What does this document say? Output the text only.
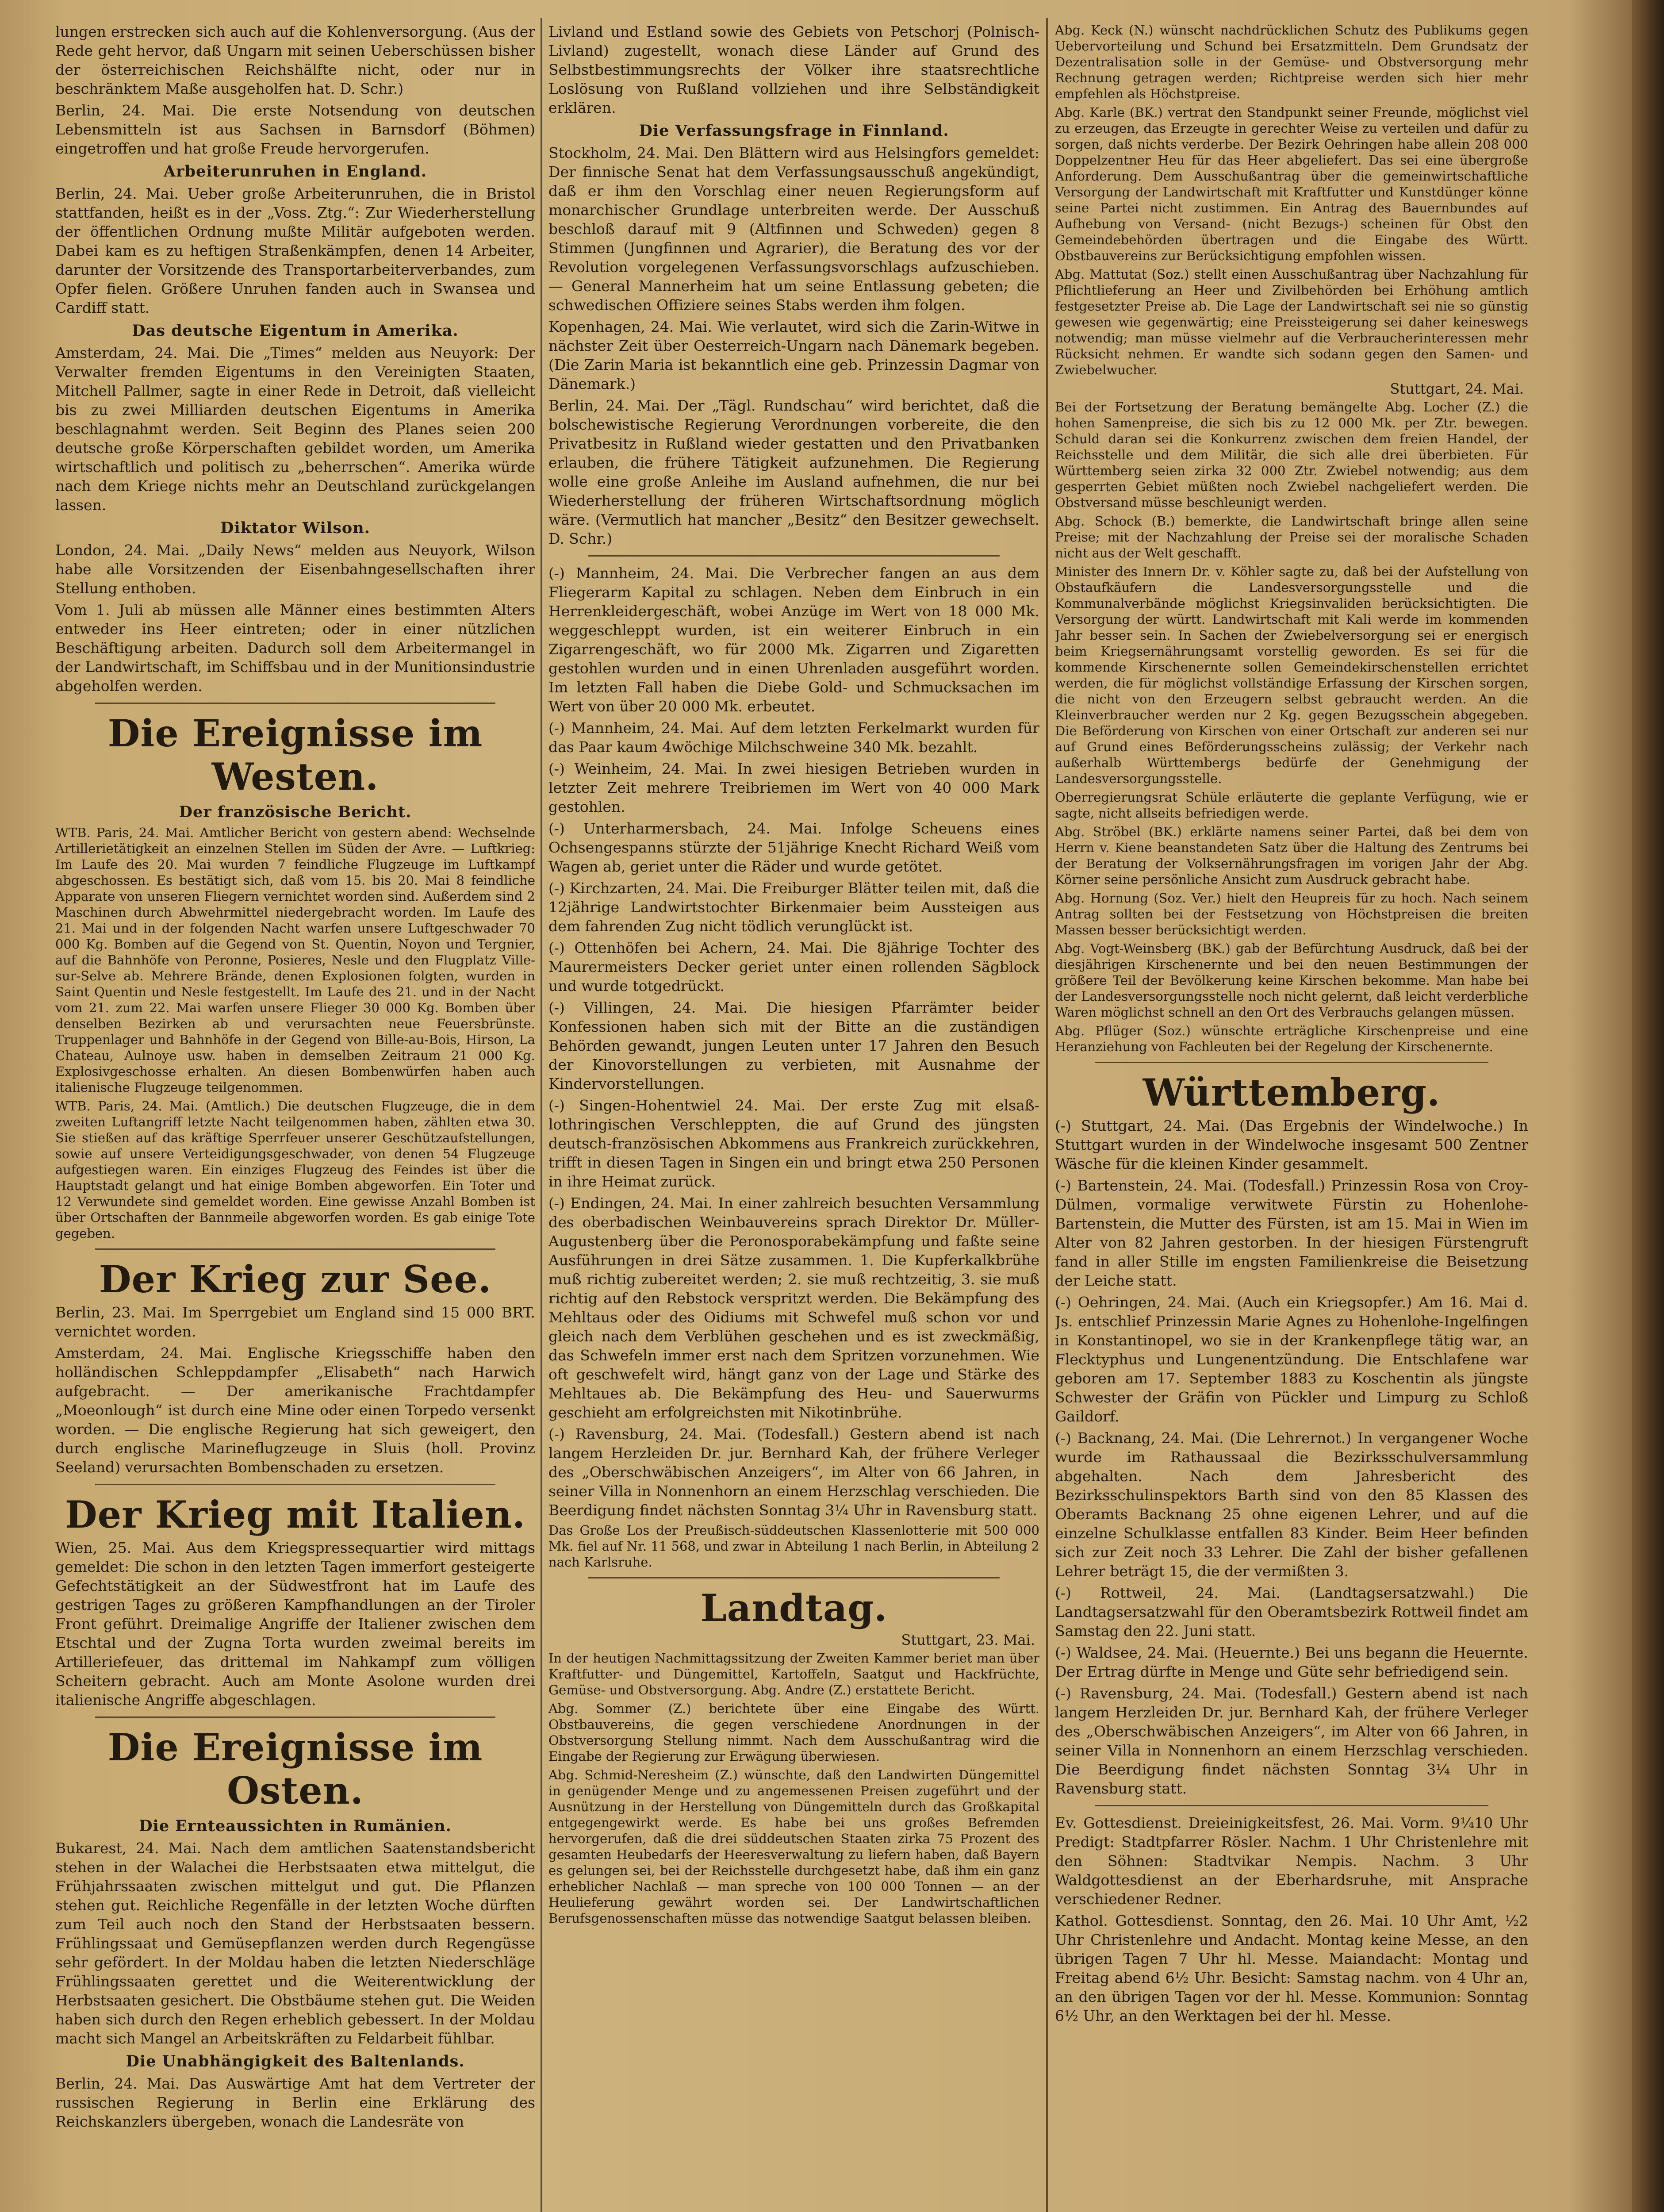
lungen erstrecken sich auch auf die Kohlenversorgung. (Aus der Rede geht hervor, daß Ungarn mit seinen Ueberschüssen bisher der österreichischen Reichshälfte nicht, oder nur in beschränktem Maße ausgeholfen hat. D. Schr.)

Berlin, 24. Mai. Die erste Notsendung von deutschen Lebensmitteln ist aus Sachsen in Barnsdorf (Böhmen) eingetroffen und hat große Freude hervorgerufen.

Arbeiterunruhen in England.

Berlin, 24. Mai. Ueber große Arbeiterunruhen, die in Bristol stattfanden, heißt es in der „Voss. Ztg.“: Zur Wiederherstellung der öffentlichen Ordnung mußte Militär aufgeboten werden. Dabei kam es zu heftigen Straßenkämpfen, denen 14 Arbeiter, darunter der Vorsitzende des Transportarbeiterverbandes, zum Opfer fielen. Größere Unruhen fanden auch in Swansea und Cardiff statt.

Das deutsche Eigentum in Amerika.

Amsterdam, 24. Mai. Die „Times“ melden aus Neuyork: Der Verwalter fremden Eigentums in den Vereinigten Staaten, Mitchell Pallmer, sagte in einer Rede in Detroit, daß vielleicht bis zu zwei Milliarden deutschen Eigentums in Amerika beschlagnahmt werden. Seit Beginn des Planes seien 200 deutsche große Körperschaften gebildet worden, um Amerika wirtschaftlich und politisch zu „beherrschen“. Amerika würde nach dem Kriege nichts mehr an Deutschland zurückgelangen lassen.

Diktator Wilson.

London, 24. Mai. „Daily News“ melden aus Neuyork, Wilson habe alle Vorsitzenden der Eisenbahngesellschaften ihrer Stellung enthoben.

Vom 1. Juli ab müssen alle Männer eines bestimmten Alters entweder ins Heer eintreten; oder in einer nützlichen Beschäftigung arbeiten. Dadurch soll dem Arbeitermangel in der Landwirtschaft, im Schiffsbau und in der Munitionsindustrie abgeholfen werden.

Die Ereignisse im Westen.
Der französische Bericht.

WTB. Paris, 24. Mai. Amtlicher Bericht von gestern abend: Wechselnde Artillerietätigkeit an einzelnen Stellen im Süden der Avre. — Luftkrieg: Im Laufe des 20. Mai wurden 7 feindliche Flugzeuge im Luftkampf abgeschossen. Es bestätigt sich, daß vom 15. bis 20. Mai 8 feindliche Apparate von unseren Fliegern vernichtet worden sind. Außerdem sind 2 Maschinen durch Abwehrmittel niedergebracht worden. Im Laufe des 21. Mai und in der folgenden Nacht warfen unsere Luftgeschwader 70 000 Kg. Bomben auf die Gegend von St. Quentin, Noyon und Tergnier, auf die Bahnhöfe von Peronne, Posieres, Nesle und den Flugplatz Ville-sur-Selve ab. Mehrere Brände, denen Explosionen folgten, wurden in Saint Quentin und Nesle festgestellt. Im Laufe des 21. und in der Nacht vom 21. zum 22. Mai warfen unsere Flieger 30 000 Kg. Bomben über denselben Bezirken ab und verursachten neue Feuersbrünste. Truppenlager und Bahnhöfe in der Gegend von Bille-au-Bois, Hirson, La Chateau, Aulnoye usw. haben in demselben Zeitraum 21 000 Kg. Explosivgeschosse erhalten. An diesen Bombenwürfen haben auch italienische Flugzeuge teilgenommen.

WTB. Paris, 24. Mai. (Amtlich.) Die deutschen Flugzeuge, die in dem zweiten Luftangriff letzte Nacht teilgenommen haben, zählten etwa 30. Sie stießen auf das kräftige Sperrfeuer unserer Geschützaufstellungen, sowie auf unsere Verteidigungsgeschwader, von denen 54 Flugzeuge aufgestiegen waren. Ein einziges Flugzeug des Feindes ist über die Hauptstadt gelangt und hat einige Bomben abgeworfen. Ein Toter und 12 Verwundete sind gemeldet worden. Eine gewisse Anzahl Bomben ist über Ortschaften der Bannmeile abgeworfen worden. Es gab einige Tote gegeben.

Der Krieg zur See.

Berlin, 23. Mai. Im Sperrgebiet um England sind 15 000 BRT. vernichtet worden.

Amsterdam, 24. Mai. Englische Kriegsschiffe haben den holländischen Schleppdampfer „Elisabeth“ nach Harwich aufgebracht. — Der amerikanische Frachtdampfer „Moeonlough“ ist durch eine Mine oder einen Torpedo versenkt worden. — Die englische Regierung hat sich geweigert, den durch englische Marineflugzeuge in Sluis (holl. Provinz Seeland) verursachten Bombenschaden zu ersetzen.

Der Krieg mit Italien.

Wien, 25. Mai. Aus dem Kriegspressequartier wird mittags gemeldet: Die schon in den letzten Tagen immerfort gesteigerte Gefechtstätigkeit an der Südwestfront hat im Laufe des gestrigen Tages zu größeren Kampfhandlungen an der Tiroler Front geführt. Dreimalige Angriffe der Italiener zwischen dem Etschtal und der Zugna Torta wurden zweimal bereits im Artilleriefeuer, das drittemal im Nahkampf zum völligen Scheitern gebracht. Auch am Monte Asolone wurden drei italienische Angriffe abgeschlagen.

Die Ereignisse im Osten.
Die Ernteaussichten in Rumänien.

Bukarest, 24. Mai. Nach dem amtlichen Saatenstandsbericht stehen in der Walachei die Herbstsaaten etwa mittelgut, die Frühjahrssaaten zwischen mittelgut und gut. Die Pflanzen stehen gut. Reichliche Regenfälle in der letzten Woche dürften zum Teil auch noch den Stand der Herbstsaaten bessern. Frühlingssaat und Gemüsepflanzen werden durch Regengüsse sehr gefördert. In der Moldau haben die letzten Niederschläge Frühlingssaaten gerettet und die Weiterentwicklung der Herbstsaaten gesichert. Die Obstbäume stehen gut. Die Weiden haben sich durch den Regen erheblich gebessert. In der Moldau macht sich Mangel an Arbeitskräften zu Feldarbeit fühlbar.

Die Unabhängigkeit des Baltenlands.

Berlin, 24. Mai. Das Auswärtige Amt hat dem Vertreter der russischen Regierung in Berlin eine Erklärung des Reichskanzlers übergeben, wonach die Landesräte von

Livland und Estland sowie des Gebiets von Petschorj (Polnisch-Livland) zugestellt, wonach diese Länder auf Grund des Selbstbestimmungsrechts der Völker ihre staatsrechtliche Loslösung von Rußland vollziehen und ihre Selbständigkeit erklären.

Die Verfassungsfrage in Finnland.

Stockholm, 24. Mai. Den Blättern wird aus Helsingfors gemeldet: Der finnische Senat hat dem Verfassungsausschuß angekündigt, daß er ihm den Vorschlag einer neuen Regierungsform auf monarchischer Grundlage unterbreiten werde. Der Ausschuß beschloß darauf mit 9 (Altfinnen und Schweden) gegen 8 Stimmen (Jungfinnen und Agrarier), die Beratung des vor der Revolution vorgelegenen Verfassungsvorschlags aufzuschieben. — General Mannerheim hat um seine Entlassung gebeten; die schwedischen Offiziere seines Stabs werden ihm folgen.

Kopenhagen, 24. Mai. Wie verlautet, wird sich die Zarin-Witwe in nächster Zeit über Oesterreich-Ungarn nach Dänemark begeben. (Die Zarin Maria ist bekanntlich eine geb. Prinzessin Dagmar von Dänemark.)

Berlin, 24. Mai. Der „Tägl. Rundschau“ wird berichtet, daß die bolschewistische Regierung Verordnungen vorbereite, die den Privatbesitz in Rußland wieder gestatten und den Privatbanken erlauben, die frühere Tätigkeit aufzunehmen. Die Regierung wolle eine große Anleihe im Ausland aufnehmen, die nur bei Wiederherstellung der früheren Wirtschaftsordnung möglich wäre. (Vermutlich hat mancher „Besitz“ den Besitzer gewechselt. D. Schr.)

(-) Mannheim, 24. Mai. Die Verbrecher fangen an aus dem Fliegerarm Kapital zu schlagen. Neben dem Einbruch in ein Herrenkleidergeschäft, wobei Anzüge im Wert von 18 000 Mk. weggeschleppt wurden, ist ein weiterer Einbruch in ein Zigarrengeschäft, wo für 2000 Mk. Zigarren und Zigaretten gestohlen wurden und in einen Uhrenladen ausgeführt worden. Im letzten Fall haben die Diebe Gold- und Schmucksachen im Wert von über 20 000 Mk. erbeutet.

(-) Mannheim, 24. Mai. Auf dem letzten Ferkelmarkt wurden für das Paar kaum 4wöchige Milchschweine 340 Mk. bezahlt.

(-) Weinheim, 24. Mai. In zwei hiesigen Betrieben wurden in letzter Zeit mehrere Treibriemen im Wert von 40 000 Mark gestohlen.

(-) Unterharmersbach, 24. Mai. Infolge Scheuens eines Ochsengespanns stürzte der 51jährige Knecht Richard Weiß vom Wagen ab, geriet unter die Räder und wurde getötet.

(-) Kirchzarten, 24. Mai. Die Freiburger Blätter teilen mit, daß die 12jährige Landwirtstochter Birkenmaier beim Aussteigen aus dem fahrenden Zug nicht tödlich verunglückt ist.

(-) Ottenhöfen bei Achern, 24. Mai. Die 8jährige Tochter des Maurermeisters Decker geriet unter einen rollenden Sägblock und wurde totgedrückt.

(-) Villingen, 24. Mai. Die hiesigen Pfarrämter beider Konfessionen haben sich mit der Bitte an die zuständigen Behörden gewandt, jungen Leuten unter 17 Jahren den Besuch der Kinovorstellungen zu verbieten, mit Ausnahme der Kindervorstellungen.

(-) Singen-Hohentwiel 24. Mai. Der erste Zug mit elsaß-lothringischen Verschleppten, die auf Grund des jüngsten deutsch-französischen Abkommens aus Frankreich zurückkehren, trifft in diesen Tagen in Singen ein und bringt etwa 250 Personen in ihre Heimat zurück.

(-) Endingen, 24. Mai. In einer zahlreich besuchten Versammlung des oberbadischen Weinbauvereins sprach Direktor Dr. Müller-Augustenberg über die Peronosporabekämpfung und faßte seine Ausführungen in drei Sätze zusammen. 1. Die Kupferkalkbrühe muß richtig zubereitet werden; 2. sie muß rechtzeitig, 3. sie muß richtig auf den Rebstock verspritzt werden. Die Bekämpfung des Mehltaus oder des Oidiums mit Schwefel muß schon vor und gleich nach dem Verblühen geschehen und es ist zweckmäßig, das Schwefeln immer erst nach dem Spritzen vorzunehmen. Wie oft geschwefelt wird, hängt ganz von der Lage und Stärke des Mehltaues ab. Die Bekämpfung des Heu- und Sauerwurms geschieht am erfolgreichsten mit Nikotinbrühe.

(-) Ravensburg, 24. Mai. (Todesfall.) Gestern abend ist nach langem Herzleiden Dr. jur. Bernhard Kah, der frühere Verleger des „Oberschwäbischen Anzeigers“, im Alter von 66 Jahren, in seiner Villa in Nonnenhorn an einem Herzschlag verschieden. Die Beerdigung findet nächsten Sonntag 3¼ Uhr in Ravensburg statt.

Das Große Los der Preußisch-süddeutschen Klassenlotterie mit 500 000 Mk. fiel auf Nr. 11 568, und zwar in Abteilung 1 nach Berlin, in Abteilung 2 nach Karlsruhe.

Landtag.
Stuttgart, 23. Mai.

In der heutigen Nachmittagssitzung der Zweiten Kammer beriet man über Kraftfutter- und Düngemittel, Kartoffeln, Saatgut und Hackfrüchte, Gemüse- und Obstversorgung. Abg. Andre (Z.) erstattete Bericht.

Abg. Sommer (Z.) berichtete über eine Eingabe des Württ. Obstbauvereins, die gegen verschiedene Anordnungen in der Obstversorgung Stellung nimmt. Nach dem Ausschußantrag wird die Eingabe der Regierung zur Erwägung überwiesen.

Abg. Schmid-Neresheim (Z.) wünschte, daß den Landwirten Düngemittel in genügender Menge und zu angemessenen Preisen zugeführt und der Ausnützung in der Herstellung von Düngemitteln durch das Großkapital entgegengewirkt werde. Es habe bei uns großes Befremden hervorgerufen, daß die drei süddeutschen Staaten zirka 75 Prozent des gesamten Heubedarfs der Heeresverwaltung zu liefern haben, daß Bayern es gelungen sei, bei der Reichsstelle durchgesetzt habe, daß ihm ein ganz erheblicher Nachlaß — man spreche von 100 000 Tonnen — an der Heulieferung gewährt worden sei. Der Landwirtschaftlichen Berufsgenossenschaften müsse das notwendige Saatgut belassen bleiben.

Abg. Keck (N.) wünscht nachdrücklichen Schutz des Publikums gegen Uebervorteilung und Schund bei Ersatzmitteln. Dem Grundsatz der Dezentralisation solle in der Gemüse- und Obstversorgung mehr Rechnung getragen werden; Richtpreise werden sich hier mehr empfehlen als Höchstpreise.

Abg. Karle (BK.) vertrat den Standpunkt seiner Freunde, möglichst viel zu erzeugen, das Erzeugte in gerechter Weise zu verteilen und dafür zu sorgen, daß nichts verderbe. Der Bezirk Oehringen habe allein 208 000 Doppelzentner Heu für das Heer abgeliefert. Das sei eine übergroße Anforderung. Dem Ausschußantrag über die gemeinwirtschaftliche Versorgung der Landwirtschaft mit Kraftfutter und Kunstdünger könne seine Partei nicht zustimmen. Ein Antrag des Bauernbundes auf Aufhebung von Versand- (nicht Bezugs-) scheinen für Obst den Gemeindebehörden übertragen und die Eingabe des Württ. Obstbauvereins zur Berücksichtigung empfohlen wissen.

Abg. Mattutat (Soz.) stellt einen Ausschußantrag über Nachzahlung für Pflichtlieferung an Heer und Zivilbehörden bei Erhöhung amtlich festgesetzter Preise ab. Die Lage der Landwirtschaft sei nie so günstig gewesen wie gegenwärtig; eine Preissteigerung sei daher keineswegs notwendig; man müsse vielmehr auf die Verbraucherinteressen mehr Rücksicht nehmen. Er wandte sich sodann gegen den Samen- und Zwiebelwucher.

Stuttgart, 24. Mai.

Bei der Fortsetzung der Beratung bemängelte Abg. Locher (Z.) die hohen Samenpreise, die sich bis zu 12 000 Mk. per Ztr. bewegen. Schuld daran sei die Konkurrenz zwischen dem freien Handel, der Reichsstelle und dem Militär, die sich alle drei überbieten. Für Württemberg seien zirka 32 000 Ztr. Zwiebel notwendig; aus dem gesperrten Gebiet müßten noch Zwiebel nachgeliefert werden. Die Obstversand müsse beschleunigt werden.

Abg. Schock (B.) bemerkte, die Landwirtschaft bringe allen seine Preise; mit der Nachzahlung der Preise sei der moralische Schaden nicht aus der Welt geschafft.

Minister des Innern Dr. v. Köhler sagte zu, daß bei der Aufstellung von Obstaufkäufern die Landesversorgungsstelle und die Kommunalverbände möglichst Kriegsinvaliden berücksichtigten. Die Versorgung der württ. Landwirtschaft mit Kali werde im kommenden Jahr besser sein. In Sachen der Zwiebelversorgung sei er energisch beim Kriegsernährungsamt vorstellig geworden. Es sei für die kommende Kirschenernte sollen Gemeindekirschenstellen errichtet werden, die für möglichst vollständige Erfassung der Kirschen sorgen, die nicht von den Erzeugern selbst gebraucht werden. An die Kleinverbraucher werden nur 2 Kg. gegen Bezugsschein abgegeben. Die Beförderung von Kirschen von einer Ortschaft zur anderen sei nur auf Grund eines Beförderungsscheins zulässig; der Verkehr nach außerhalb Württembergs bedürfe der Genehmigung der Landesversorgungsstelle.

Oberregierungsrat Schüle erläuterte die geplante Verfügung, wie er sagte, nicht allseits befriedigen werde.

Abg. Ströbel (BK.) erklärte namens seiner Partei, daß bei dem von Herrn v. Kiene beanstandeten Satz über die Haltung des Zentrums bei der Beratung der Volksernährungsfragen im vorigen Jahr der Abg. Körner seine persönliche Ansicht zum Ausdruck gebracht habe.

Abg. Hornung (Soz. Ver.) hielt den Heupreis für zu hoch. Nach seinem Antrag sollten bei der Festsetzung von Höchstpreisen die breiten Massen besser berücksichtigt werden.

Abg. Vogt-Weinsberg (BK.) gab der Befürchtung Ausdruck, daß bei der diesjährigen Kirschenernte und bei den neuen Bestimmungen der größere Teil der Bevölkerung keine Kirschen bekomme. Man habe bei der Landesversorgungsstelle noch nicht gelernt, daß leicht verderbliche Waren möglichst schnell an den Ort des Verbrauchs gelangen müssen.

Abg. Pflüger (Soz.) wünschte erträgliche Kirschenpreise und eine Heranziehung von Fachleuten bei der Regelung der Kirschenernte.

Württemberg.

(-) Stuttgart, 24. Mai. (Das Ergebnis der Windelwoche.) In Stuttgart wurden in der Windelwoche insgesamt 500 Zentner Wäsche für die kleinen Kinder gesammelt.

(-) Bartenstein, 24. Mai. (Todesfall.) Prinzessin Rosa von Croy-Dülmen, vormalige verwitwete Fürstin zu Hohenlohe-Bartenstein, die Mutter des Fürsten, ist am 15. Mai in Wien im Alter von 82 Jahren gestorben. In der hiesigen Fürstengruft fand in aller Stille im engsten Familienkreise die Beisetzung der Leiche statt.

(-) Oehringen, 24. Mai. (Auch ein Kriegsopfer.) Am 16. Mai d. Js. entschlief Prinzessin Marie Agnes zu Hohenlohe-Ingelfingen in Konstantinopel, wo sie in der Krankenpflege tätig war, an Flecktyphus und Lungenentzündung. Die Entschlafene war geboren am 17. September 1883 zu Koschentin als jüngste Schwester der Gräfin von Pückler und Limpurg zu Schloß Gaildorf.

(-) Backnang, 24. Mai. (Die Lehrernot.) In vergangener Woche wurde im Rathaussaal die Bezirksschulversammlung abgehalten. Nach dem Jahresbericht des Bezirksschulinspektors Barth sind von den 85 Klassen des Oberamts Backnang 25 ohne eigenen Lehrer, und auf die einzelne Schulklasse entfallen 83 Kinder. Beim Heer befinden sich zur Zeit noch 33 Lehrer. Die Zahl der bisher gefallenen Lehrer beträgt 15, die der vermißten 3.

(-) Rottweil, 24. Mai. (Landtagsersatzwahl.) Die Landtagsersatzwahl für den Oberamtsbezirk Rottweil findet am Samstag den 22. Juni statt.

(-) Waldsee, 24. Mai. (Heuernte.) Bei uns begann die Heuernte. Der Ertrag dürfte in Menge und Güte sehr befriedigend sein.

(-) Ravensburg, 24. Mai. (Todesfall.) Gestern abend ist nach langem Herzleiden Dr. jur. Bernhard Kah, der frühere Verleger des „Oberschwäbischen Anzeigers“, im Alter von 66 Jahren, in seiner Villa in Nonnenhorn an einem Herzschlag verschieden. Die Beerdigung findet nächsten Sonntag 3¼ Uhr in Ravensburg statt.

Ev. Gottesdienst. Dreieinigkeitsfest, 26. Mai. Vorm. 9¼10 Uhr Predigt: Stadtpfarrer Rösler. Nachm. 1 Uhr Christenlehre mit den Söhnen: Stadtvikar Nempis. Nachm. 3 Uhr Waldgottesdienst an der Eberhardsruhe, mit Ansprache verschiedener Redner.

Kathol. Gottesdienst. Sonntag, den 26. Mai. 10 Uhr Amt, ½2 Uhr Christenlehre und Andacht. Montag keine Messe, an den übrigen Tagen 7 Uhr hl. Messe. Maiandacht: Montag und Freitag abend 6½ Uhr. Besicht: Samstag nachm. von 4 Uhr an, an den übrigen Tagen vor der hl. Messe. Kommunion: Sonntag 6½ Uhr, an den Werktagen bei der hl. Messe.
